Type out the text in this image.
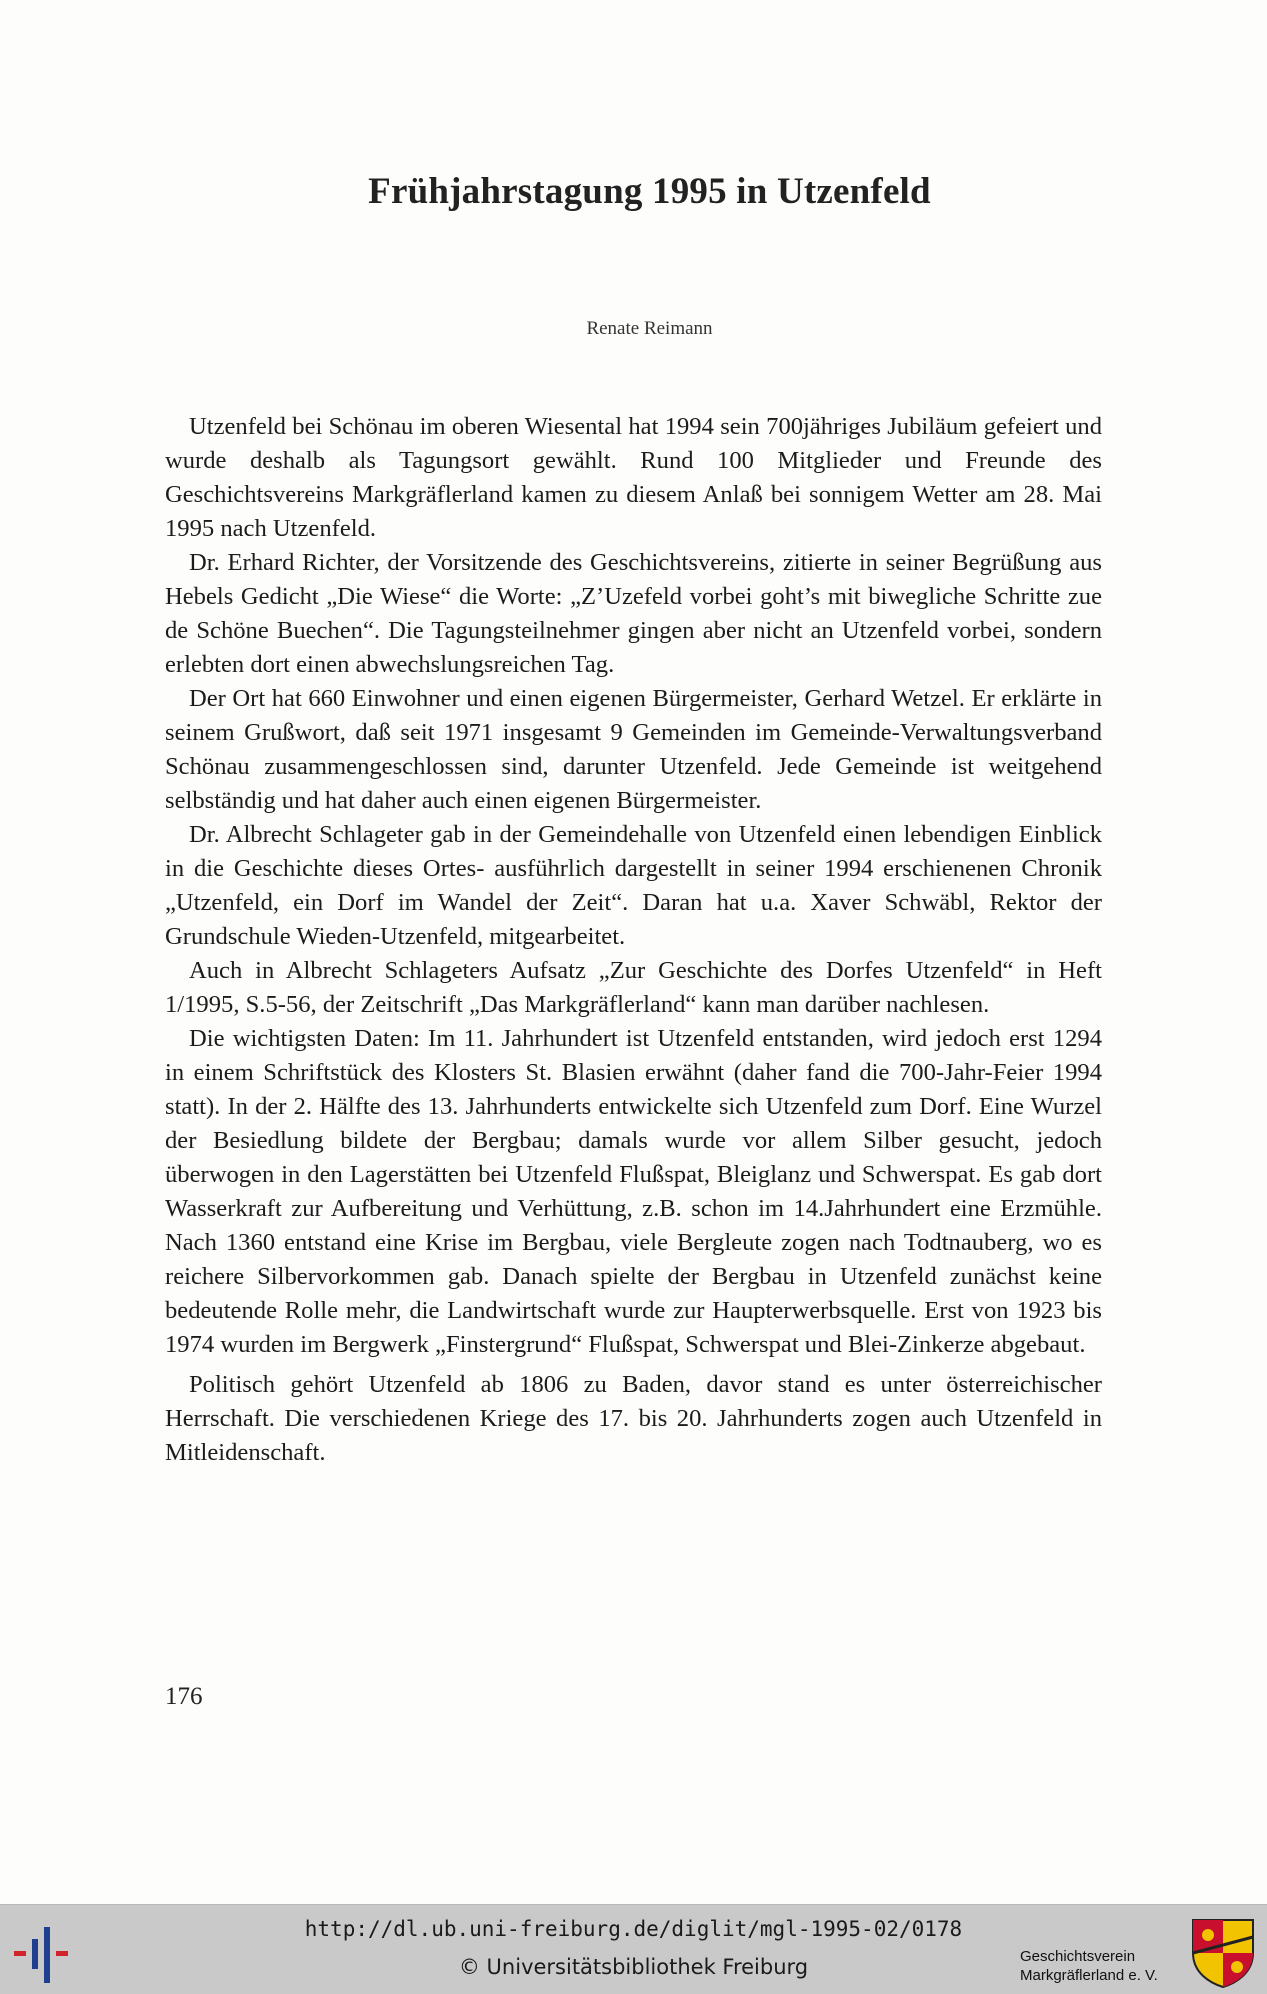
Frühjahrstagung 1995 in Utzenfeld
Renate Reimann

Utzenfeld bei Schönau im oberen Wiesental hat 1994 sein 700jähriges Jubiläum gefeiert und wurde deshalb als Tagungsort gewählt. Rund 100 Mitglieder und Freunde des Geschichtsvereins Markgräflerland kamen zu diesem Anlaß bei sonnigem Wetter am 28. Mai 1995 nach Utzenfeld.

Dr. Erhard Richter, der Vorsitzende des Geschichtsvereins, zitierte in seiner Begrüßung aus Hebels Gedicht „Die Wiese“ die Worte: „Z’Uzefeld vorbei goht’s mit biwegliche Schritte zue de Schöne Buechen“. Die Tagungsteilnehmer gingen aber nicht an Utzenfeld vorbei, sondern erlebten dort einen abwechslungsreichen Tag.

Der Ort hat 660 Einwohner und einen eigenen Bürgermeister, Gerhard Wetzel. Er erklärte in seinem Grußwort, daß seit 1971 insgesamt 9 Gemeinden im Gemeinde-Verwaltungsverband Schönau zusammengeschlossen sind, darunter Utzenfeld. Jede Gemeinde ist weitgehend selbständig und hat daher auch einen eigenen Bürgermeister.

Dr. Albrecht Schlageter gab in der Gemeindehalle von Utzenfeld einen lebendigen Einblick in die Geschichte dieses Ortes- ausführlich dargestellt in seiner 1994 erschienenen Chronik „Utzenfeld, ein Dorf im Wandel der Zeit“. Daran hat u.a. Xaver Schwäbl, Rektor der Grundschule Wieden-Utzenfeld, mitgearbeitet.

Auch in Albrecht Schlageters Aufsatz „Zur Geschichte des Dorfes Utzenfeld“ in Heft 1/1995, S.5-56, der Zeitschrift „Das Markgräflerland“ kann man darüber nachlesen.

Die wichtigsten Daten: Im 11. Jahrhundert ist Utzenfeld entstanden, wird jedoch erst 1294 in einem Schriftstück des Klosters St. Blasien erwähnt (daher fand die 700-Jahr-Feier 1994 statt). In der 2. Hälfte des 13. Jahrhunderts entwickelte sich Utzenfeld zum Dorf. Eine Wurzel der Besiedlung bildete der Bergbau; damals wurde vor allem Silber gesucht, jedoch überwogen in den Lagerstätten bei Utzenfeld Flußspat, Bleiglanz und Schwerspat. Es gab dort Wasserkraft zur Aufbereitung und Verhüttung, z.B. schon im 14.Jahrhundert eine Erzmühle. Nach 1360 entstand eine Krise im Bergbau, viele Bergleute zogen nach Todtnauberg, wo es reichere Silbervorkommen gab. Danach spielte der Bergbau in Utzenfeld zunächst keine bedeutende Rolle mehr, die Landwirtschaft wurde zur Haupterwerbsquelle. Erst von 1923 bis 1974 wurden im Bergwerk „Finstergrund“ Flußspat, Schwerspat und Blei-Zinkerze abgebaut.

Politisch gehört Utzenfeld ab 1806 zu Baden, davor stand es unter österreichischer Herrschaft. Die verschiedenen Kriege des 17. bis 20. Jahrhunderts zogen auch Utzenfeld in Mitleidenschaft.

176
http://dl.ub.uni-freiburg.de/diglit/mgl-1995-02/0178
© Universitätsbibliothek Freiburg	Geschichtsverein
Markgräflerland e. V.
